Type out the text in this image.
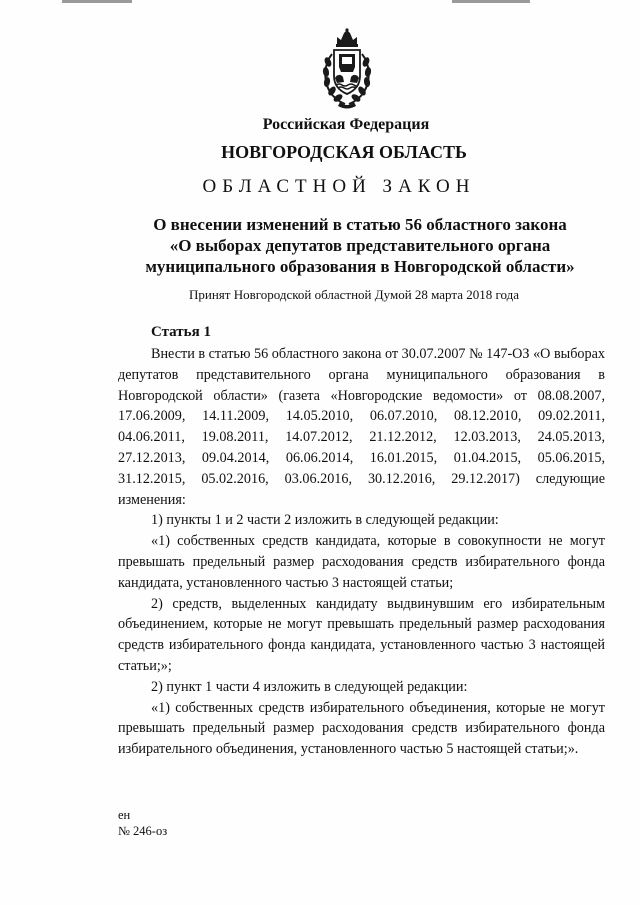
Российская Федерация
НОВГОРОДСКАЯ ОБЛАСТЬ
ОБЛАСТНОЙ ЗАКОН
О внесении изменений в статью 56 областного закона
«О выборах депутатов представительного органа
муниципального образования в Новгородской области»
Принят Новгородской областной Думой 28 марта 2018 года
Статья 1

Внести в статью 56 областного закона от 30.07.2007 № 147-ОЗ «О выборах депутатов представительного органа муниципального образования в Новгородской области» (газета «Новгородские ведомости» от 08.08.2007, 17.06.2009, 14.11.2009, 14.05.2010, 06.07.2010, 08.12.2010, 09.02.2011, 04.06.2011, 19.08.2011, 14.07.2012, 21.12.2012, 12.03.2013, 24.05.2013, 27.12.2013, 09.04.2014, 06.06.2014, 16.01.2015, 01.04.2015, 05.06.2015, 31.12.2015, 05.02.2016, 03.06.2016, 30.12.2016, 29.12.2017) следующие изменения:

1) пункты 1 и 2 части 2 изложить в следующей редакции:

«1) собственных средств кандидата, которые в совокупности не могут превышать предельный размер расходования средств избирательного фонда кандидата, установленного частью 3 настоящей статьи;

2) средств, выделенных кандидату выдвинувшим его избирательным объединением, которые не могут превышать предельный размер расходования средств избирательного фонда кандидата, установленного частью 3 настоящей статьи;»;

2) пункт 1 части 4 изложить в следующей редакции:

«1) собственных средств избирательного объединения, которые не могут превышать предельный размер расходования средств избирательного фонда избирательного объединения, установленного частью 5 настоящей статьи;».

ен
№ 246-оз
